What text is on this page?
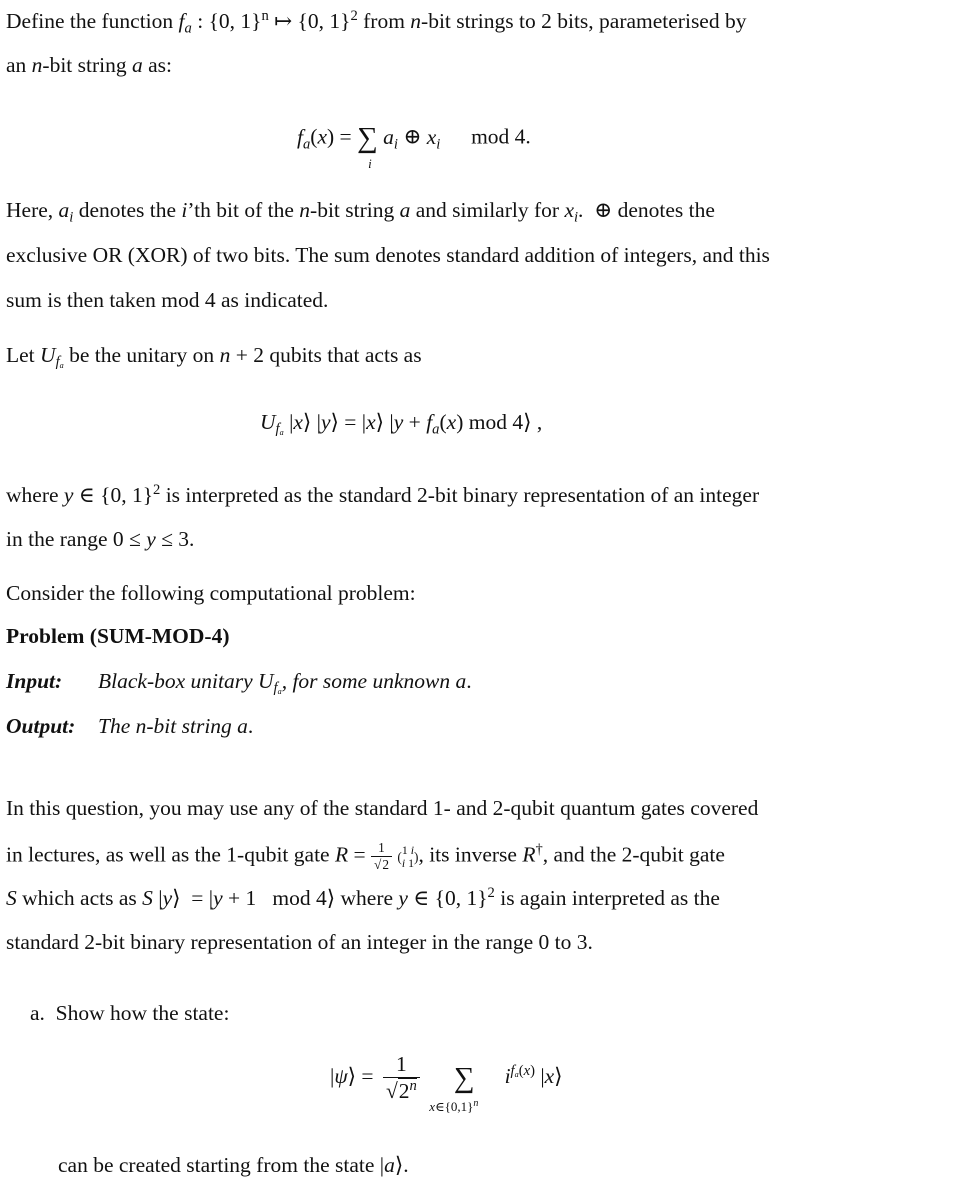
Define the function $f_a$ : {0, 1}$^n$ ↦ {0, 1}$^2$ from n-bit strings to 2 bits, parameterised by
an n-bit string a as:
$f_a(x)$ = ∑
i
$a_i$ ⊕ $x_i$ mod 4.
Here, $a_i$ denotes the i’th bit of the n-bit string a and similarly for $x_i$.  ⊕ denotes the
exclusive OR (XOR) of two bits. The sum denotes standard addition of integers, and this
sum is then taken mod 4 as indicated.
Let $U_{fa}$ be the unitary on n + 2 qubits that acts as
$U_{fa}$ |x⟩ |y⟩ = |x⟩ $|y + f_a(x)$ mod 4⟩ ,
where y ∈ {0, 1}$^2$ is interpreted as the standard 2-bit binary representation of an integer
in the range 0 ≤ y ≤ 3.
Consider the following computational problem:
Problem (SUM-MOD-4)
Input: Black-box unitary $U_{fa}$, for some unknown a.
Output: The n-bit string a.
In this question, you may use any of the standard 1- and 2-qubit quantum gates covered
in lectures, as well as the 1-qubit gate $R = \frac{1}{√2} (1$ i
i 1), its inverse R†, and the 2-qubit gate
S which acts as S |y⟩  = |y + 1   mod 4⟩ where y ∈ {0, 1}$^2$ is again interpreted as the
standard 2-bit binary representation of an integer in the range 0 to 3.
a. Show how the state:
|ψ⟩ = $\frac{1}{√2^n}$ ∑
$x\in\{0,1\}^n$
$i^{fa(x)}$ |x⟩
can be created starting from the state |a⟩.
